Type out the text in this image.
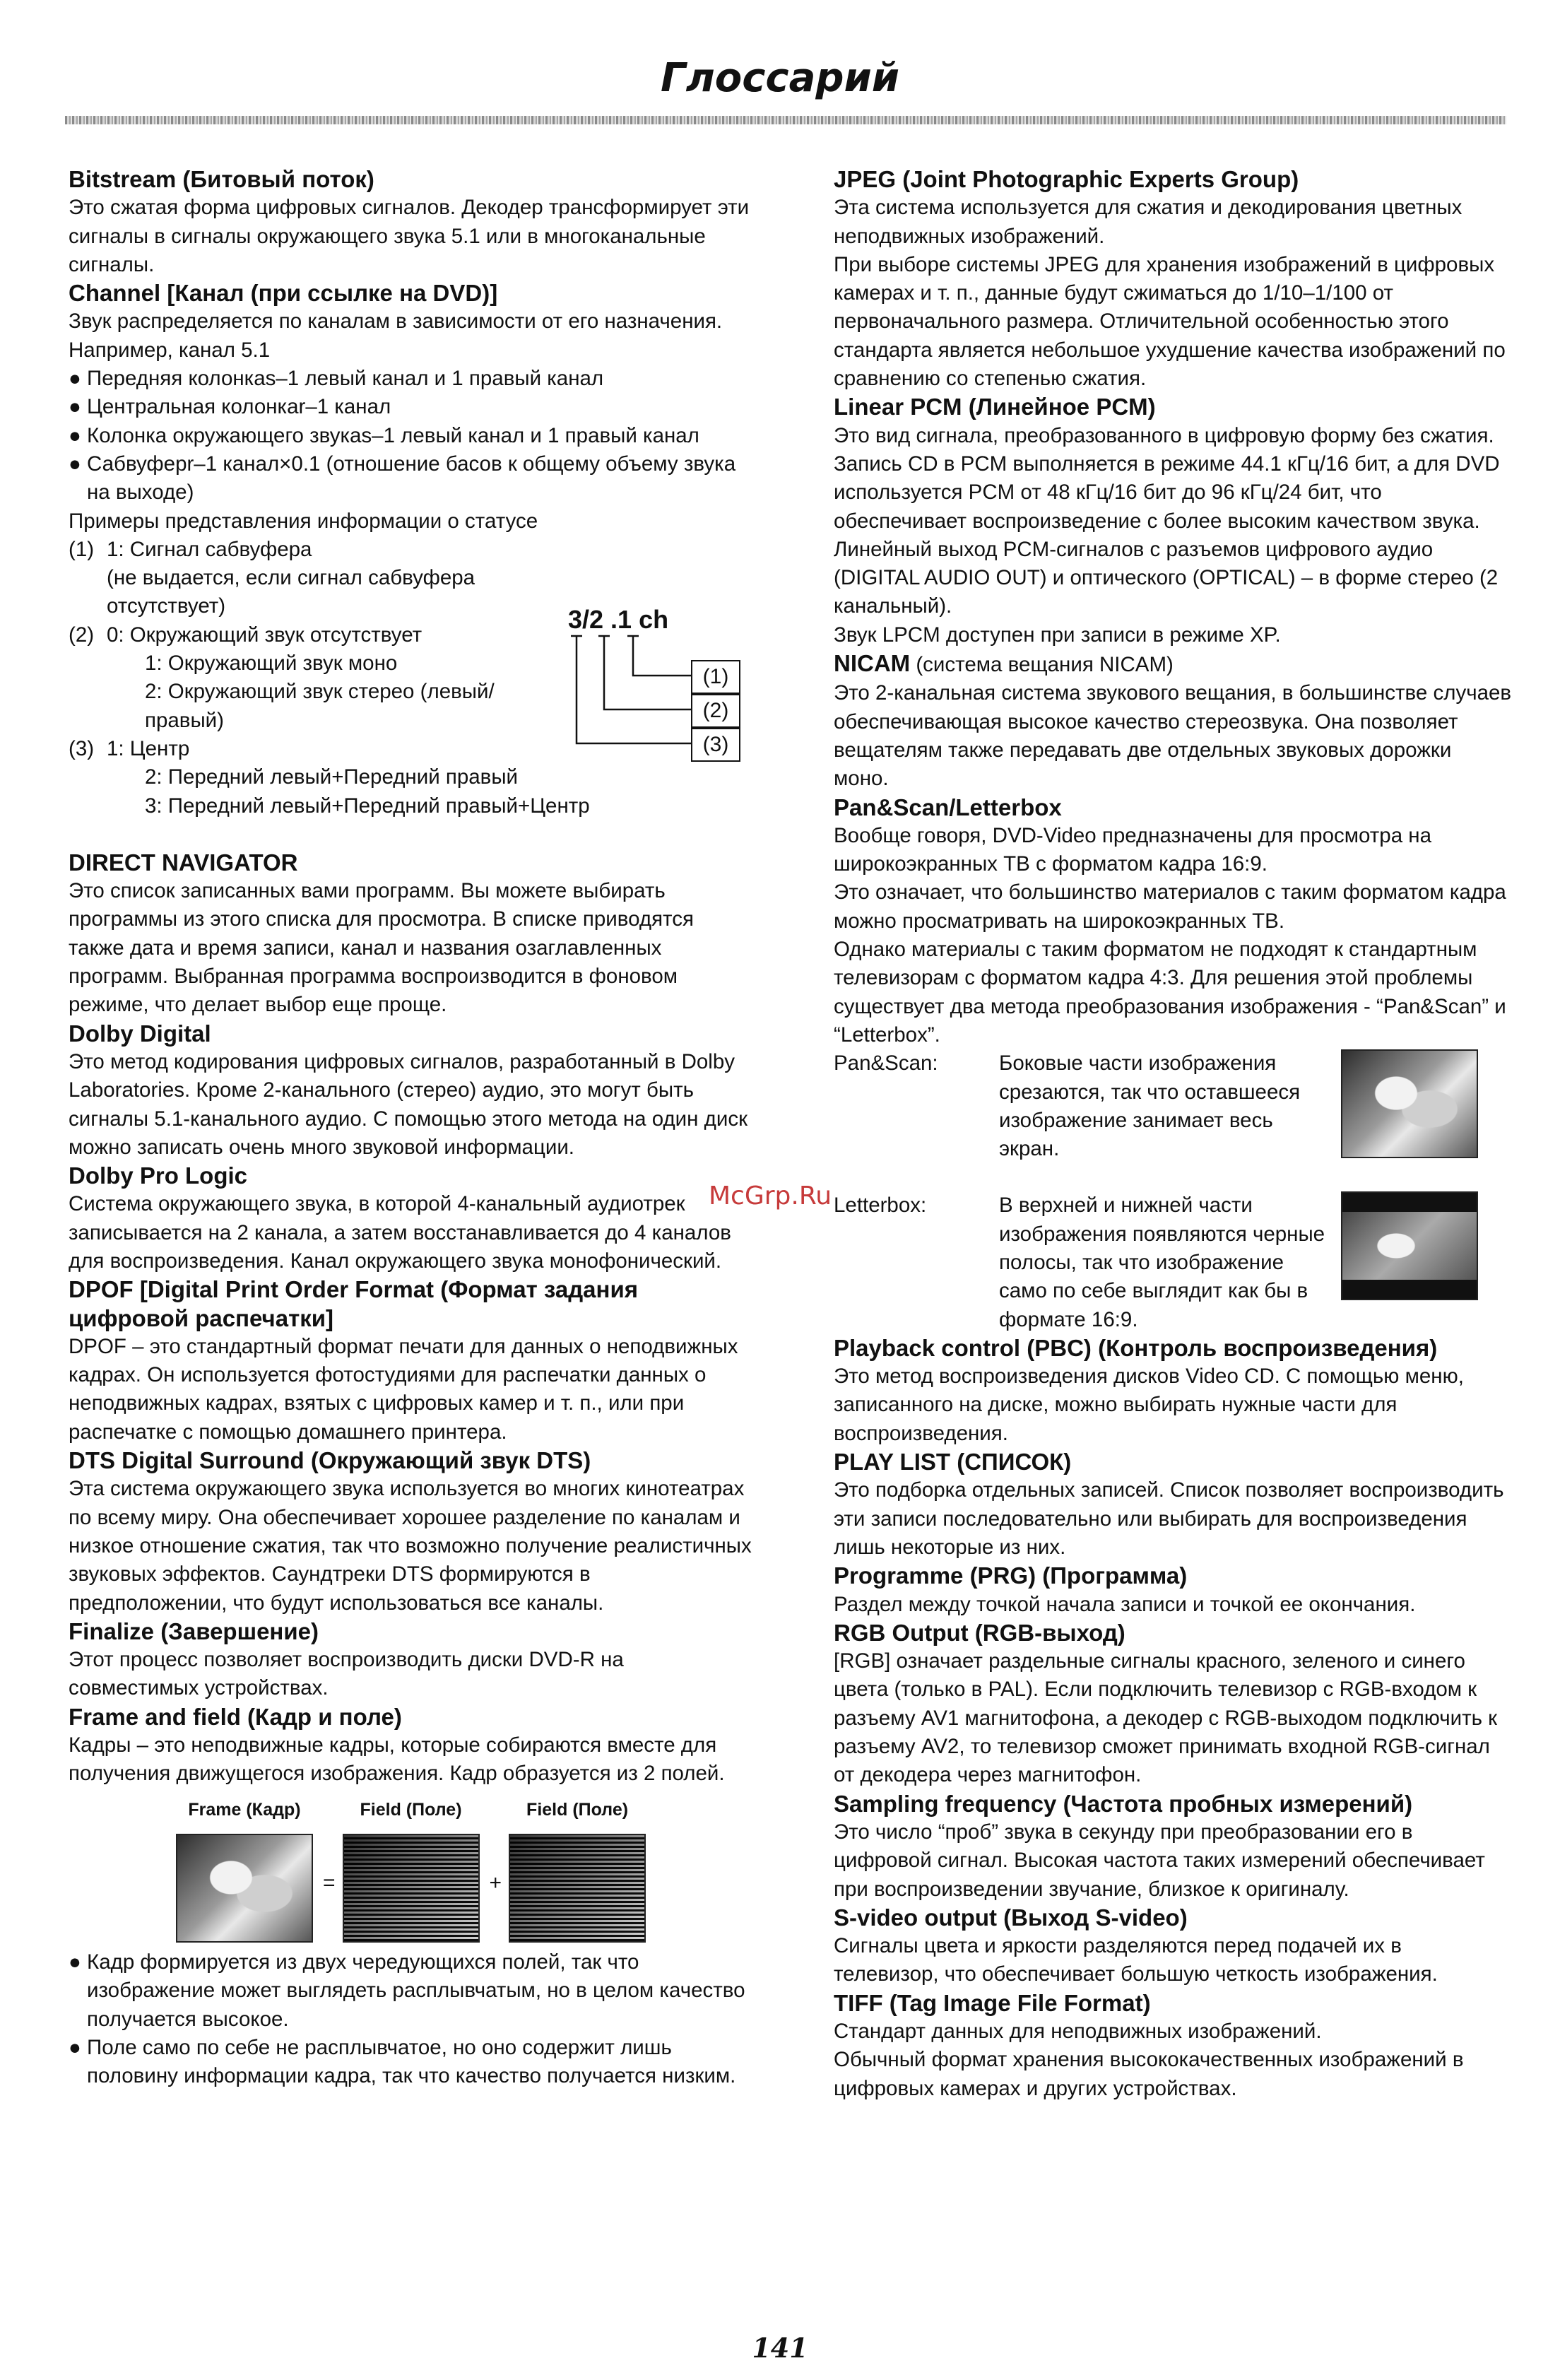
Глоссарий
McGrp.Ru
Bitstream (Битовый поток)

Это сжатая форма цифровых сигналов. Декодер трансформирует эти сигналы в сигналы окружающего звука 5.1 или в многоканальные сигналы.

Channel [Канал (при ссылке на DVD)]

Звук распределяется по каналам в зависимости от его назначения.

Например, канал 5.1

● Передняя колонкаs–1 левый канал и 1 правый канал

● Центральная колонкаr–1 канал

● Колонка окружающего звукаs–1 левый канал и 1 правый канал

● Сабвуферr–1 канал×0.1 (отношение басов к общему объему звука на выходе)

Примеры представления информации о статусе

(1) 1: Сигнал сабвуфера
(не выдается, если сигнал сабвуфера отсутствует)
(2) 0: Окружающий звук отсутствует
1: Окружающий звук моно
2: Окружающий звук стерео (левый/правый)
(3) 1: Центр
2: Передний левый+Передний правый
3: Передний левый+Передний правый+Центр
DIRECT NAVIGATOR

Это список записанных вами программ. Вы можете выбирать программы из этого списка для просмотра. В списке приводятся также дата и время записи, канал и названия озаглавленных программ. Выбранная программа воспроизводится в фоновом режиме, что делает выбор еще проще.

Dolby Digital

Это метод кодирования цифровых сигналов, разработанный в Dolby Laboratories. Кроме 2-канального (стерео) аудио, это могут быть сигналы 5.1-канального аудио. С помощью этого метода на один диск можно записать очень много звуковой информации.

Dolby Pro Logic

Система окружающего звука, в которой 4-канальный аудиотрек записывается на 2 канала, а затем восстанавливается до 4 каналов для воспроизведения. Канал окружающего звука монофонический.

DPOF [Digital Print Order Format (Формат задания цифровой распечатки]

DPOF – это стандартный формат печати для данных о неподвижных кадрах. Он используется фотостудиями для распечатки данных о неподвижных кадрах, взятых с цифровых камер и т. п., или при распечатке с помощью домашнего принтера.

DTS Digital Surround (Окружающий звук DTS)

Эта система окружающего звука используется во многих кинотеатрах по всему миру. Она обеспечивает хорошее разделение по каналам и низкое отношение сжатия, так что возможно получение реалистичных звуковых эффектов. Саундтреки DTS формируются в предположении, что будут использоваться все каналы.

Finalize (Завершение)

Этот процесс позволяет воспроизводить диски DVD-R на совместимых устройствах.

Frame and field (Кадр и поле)

Кадры – это неподвижные кадры, которые собираются вместе для получения движущегося изображения. Кадр образуется из 2 полей.

Frame (Кадр)
=
Field (Поле)
+
Field (Поле)

● Кадр формируется из двух чередующихся полей, так что изображение может выглядеть расплывчатым, но в целом качество получается высокое.

● Поле само по себе не расплывчатое, но оно содержит лишь половину информации кадра, так что качество получается низким.

3/2 .1 ch
(1)
(2)
(3)
JPEG (Joint Photographic Experts Group)

Эта система используется для сжатия и декодирования цветных неподвижных изображений.

При выборе системы JPEG для хранения изображений в цифровых камерах и т. п., данные будут сжиматься до 1/10–1/100 от первоначального размера. Отличительной особенностью этого стандарта является небольшое ухудшение качества изображений по сравнению со степенью сжатия.

Linear PCM (Линейное PCM)

Это вид сигнала, преобразованного в цифровую форму без сжатия. Запись CD в PCM выполняется в режиме 44.1 кГц/16 бит, а для DVD используется PCM от 48 кГц/16 бит до 96 кГц/24 бит, что обеспечивает воспроизведение с более высоким качеством звука.

Линейный выход PCM-сигналов с разъемов цифрового аудио (DIGITAL AUDIO OUT) и оптического (OPTICAL) – в форме стерео (2 канальный).

Звук LPCM доступен при записи в режиме XP.

NICAM (система вещания NICAM)

Это 2-канальная система звукового вещания, в большинстве случаев обеспечивающая высокое качество стереозвука. Она позволяет вещателям также передавать две отдельных звуковых дорожки моно.

Pan&Scan/Letterbox

Вообще говоря, DVD-Video предназначены для просмотра на широкоэкранных ТВ с форматом кадра 16:9.

Это означает, что большинство материалов с таким форматом кадра можно просматривать на широкоэкранных ТВ.

Однако материалы с таким форматом не подходят к стандартным телевизорам с форматом кадра 4:3. Для решения этой проблемы существует два метода преобразования изображения - “Pan&Scan” и “Letterbox”.

Pan&Scan:	Боковые части изображения срезаются, так что оставшееся изображение занимает весь экран.
Letterbox:	В верхней и нижней части изображения появляются черные полосы, так что изображение само по себе выглядит как бы в формате 16:9.
Playback control (PBC) (Контроль воспроизведения)

Это метод воспроизведения дисков Video CD. С помощью меню, записанного на диске, можно выбирать нужные части для воспроизведения.

PLAY LIST (СПИСОК)

Это подборка отдельных записей. Список позволяет воспроизводить эти записи последовательно или выбирать для воспроизведения лишь некоторые из них.

Programme (PRG) (Программа)

Раздел между точкой начала записи и точкой ее окончания.

RGB Output (RGB-выход)

[RGB] означает раздельные сигналы красного, зеленого и синего цвета (только в PAL). Если подключить телевизор с RGB-входом к разъему AV1 магнитофона, а декодер с RGB-выходом подключить к разъему AV2, то телевизор сможет принимать входной RGB-сигнал от декодера через магнитофон.

Sampling frequency (Частота пробных измерений)

Это число “проб” звука в секунду при преобразовании его в цифровой сигнал. Высокая частота таких измерений обеспечивает при воспроизведении звучание, близкое к оригиналу.

S-video output (Выход S-video)

Сигналы цвета и яркости разделяются перед подачей их в телевизор, что обеспечивает большую четкость изображения.

TIFF (Tag Image File Format)

Стандарт данных для неподвижных изображений.

Обычный формат хранения высококачественных изображений в цифровых камерах и других устройствах.

141
